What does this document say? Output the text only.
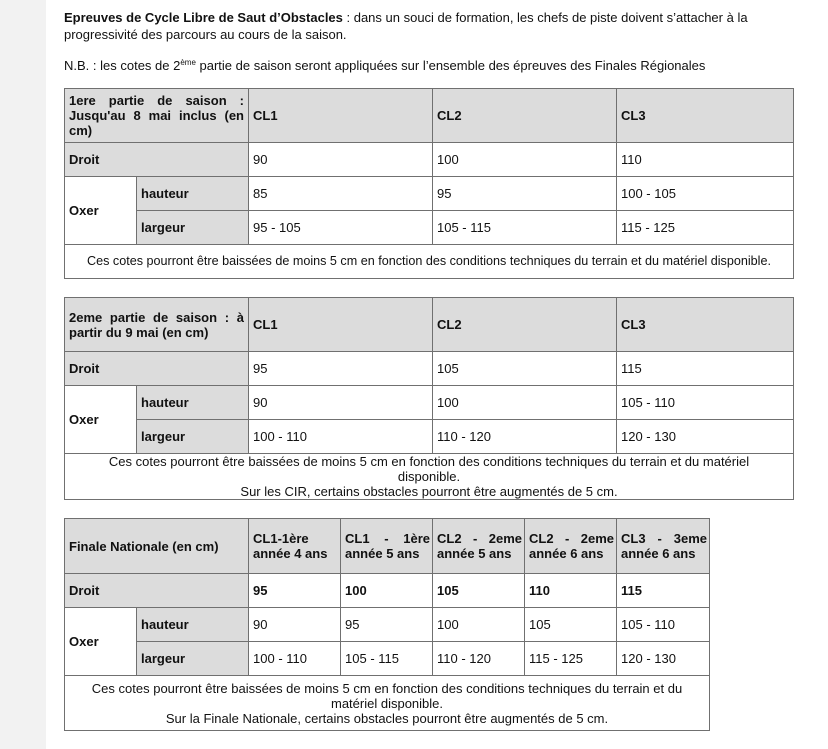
Epreuves de Cycle Libre de Saut d’Obstacles : dans un souci de formation, les chefs de piste doivent s’attacher à la progressivité des parcours au cours de la saison.
N.B. : les cotes de 2ème partie de saison seront appliquées sur l’ensemble des épreuves des Finales Régionales
1ere partie de saison : Jusqu'au 8 mai inclus (en cm)		CL1	CL2	CL3
Droit		90	100	110
Oxer	hauteur	85	95	100 - 105
	largeur	95 - 105	105 - 115	115 - 125
Ces cotes pourront être baissées de moins 5 cm en fonction des conditions techniques du terrain et du matériel disponible.				
2eme partie de saison : à partir du 9 mai (en cm)		CL1	CL2	CL3
Droit		95	105	115
Oxer	hauteur	90	100	105 - 110
	largeur	100 - 110	110 - 120	120 - 130

Ces cotes pourront être baissées de moins 5 cm en fonction des conditions techniques du terrain et du matériel disponible.
Sur les CIR, certains obstacles pourront être augmentés de 5 cm.				
Finale Nationale (en cm)		CL1-1ère année 4 ans	CL1 - 1ère année 5 ans	CL2 - 2eme année 5 ans	CL2 - 2eme année 6 ans	CL3 - 3eme année 6 ans
Droit		95	100	105	110	115
Oxer	hauteur	90	95	100	105	105 - 110
	largeur	100 - 110	105 - 115	110 - 120	115 - 125	120 - 130

Ces cotes pourront être baissées de moins 5 cm en fonction des conditions techniques du terrain et du matériel disponible.
Sur la Finale Nationale, certains obstacles pourront être augmentés de 5 cm.						
